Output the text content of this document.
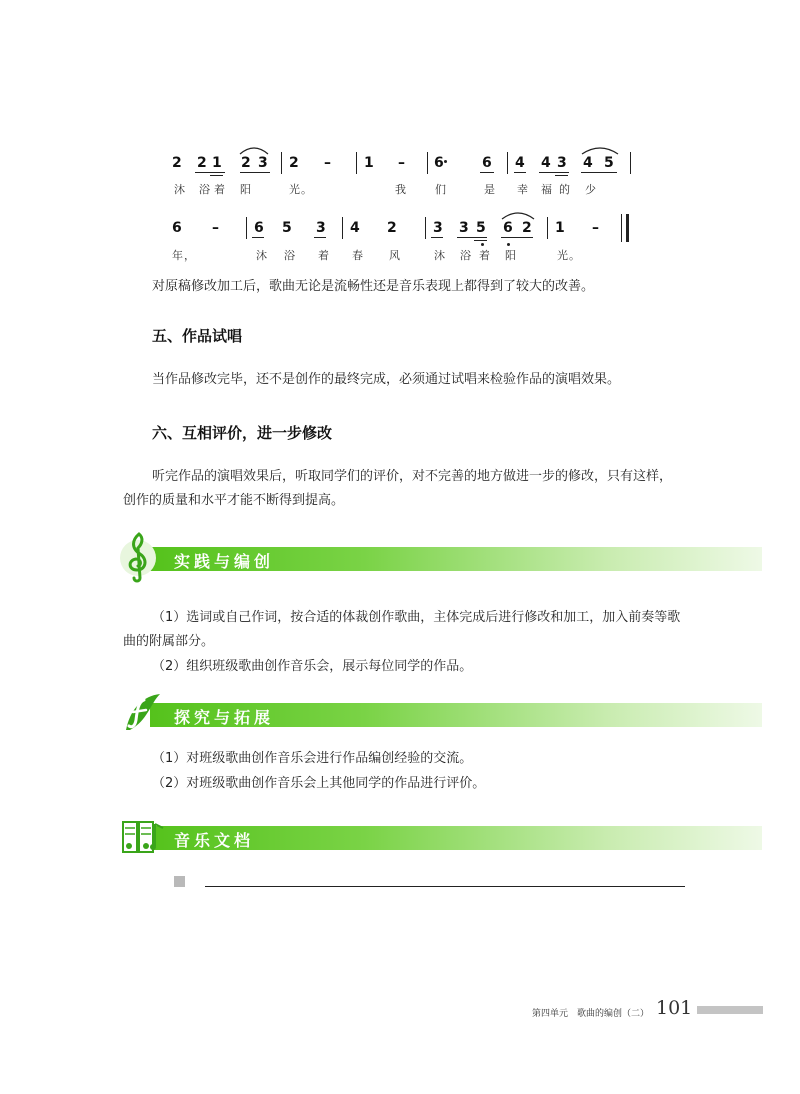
2 2 1 2 3 2 – 1 – 6	6 4 4 3 4 5
沐 浴 着 阳	光。	我	们	是 幸 福 的 少
6 –	6 5 3 4 2	3 3 5 6 2 1 –
年，	沐 浴 着 春 风	沐 浴 着 阳	光。
对原稿修改加工后，歌曲无论是流畅性还是音乐表现上都得到了较大的改善。
五、作品试唱
当作品修改完毕，还不是创作的最终完成，必须通过试唱来检验作品的演唱效果。
六、互相评价，进一步修改
听完作品的演唱效果后，听取同学们的评价，对不完善的地方做进一步的修改，只有这样，
创作的质量和水平才能不断得到提高。
实践与编创
（1）选词或自己作词，按合适的体裁创作歌曲，主体完成后进行修改和加工，加入前奏等歌
曲的附属部分。
（2）组织班级歌曲创作音乐会，展示每位同学的作品。
探究与拓展
（1）对班级歌曲创作音乐会进行作品编创经验的交流。
（2）对班级歌曲创作音乐会上其他同学的作品进行评价。
音乐文档
第四单元　歌曲的编创（二） 101
